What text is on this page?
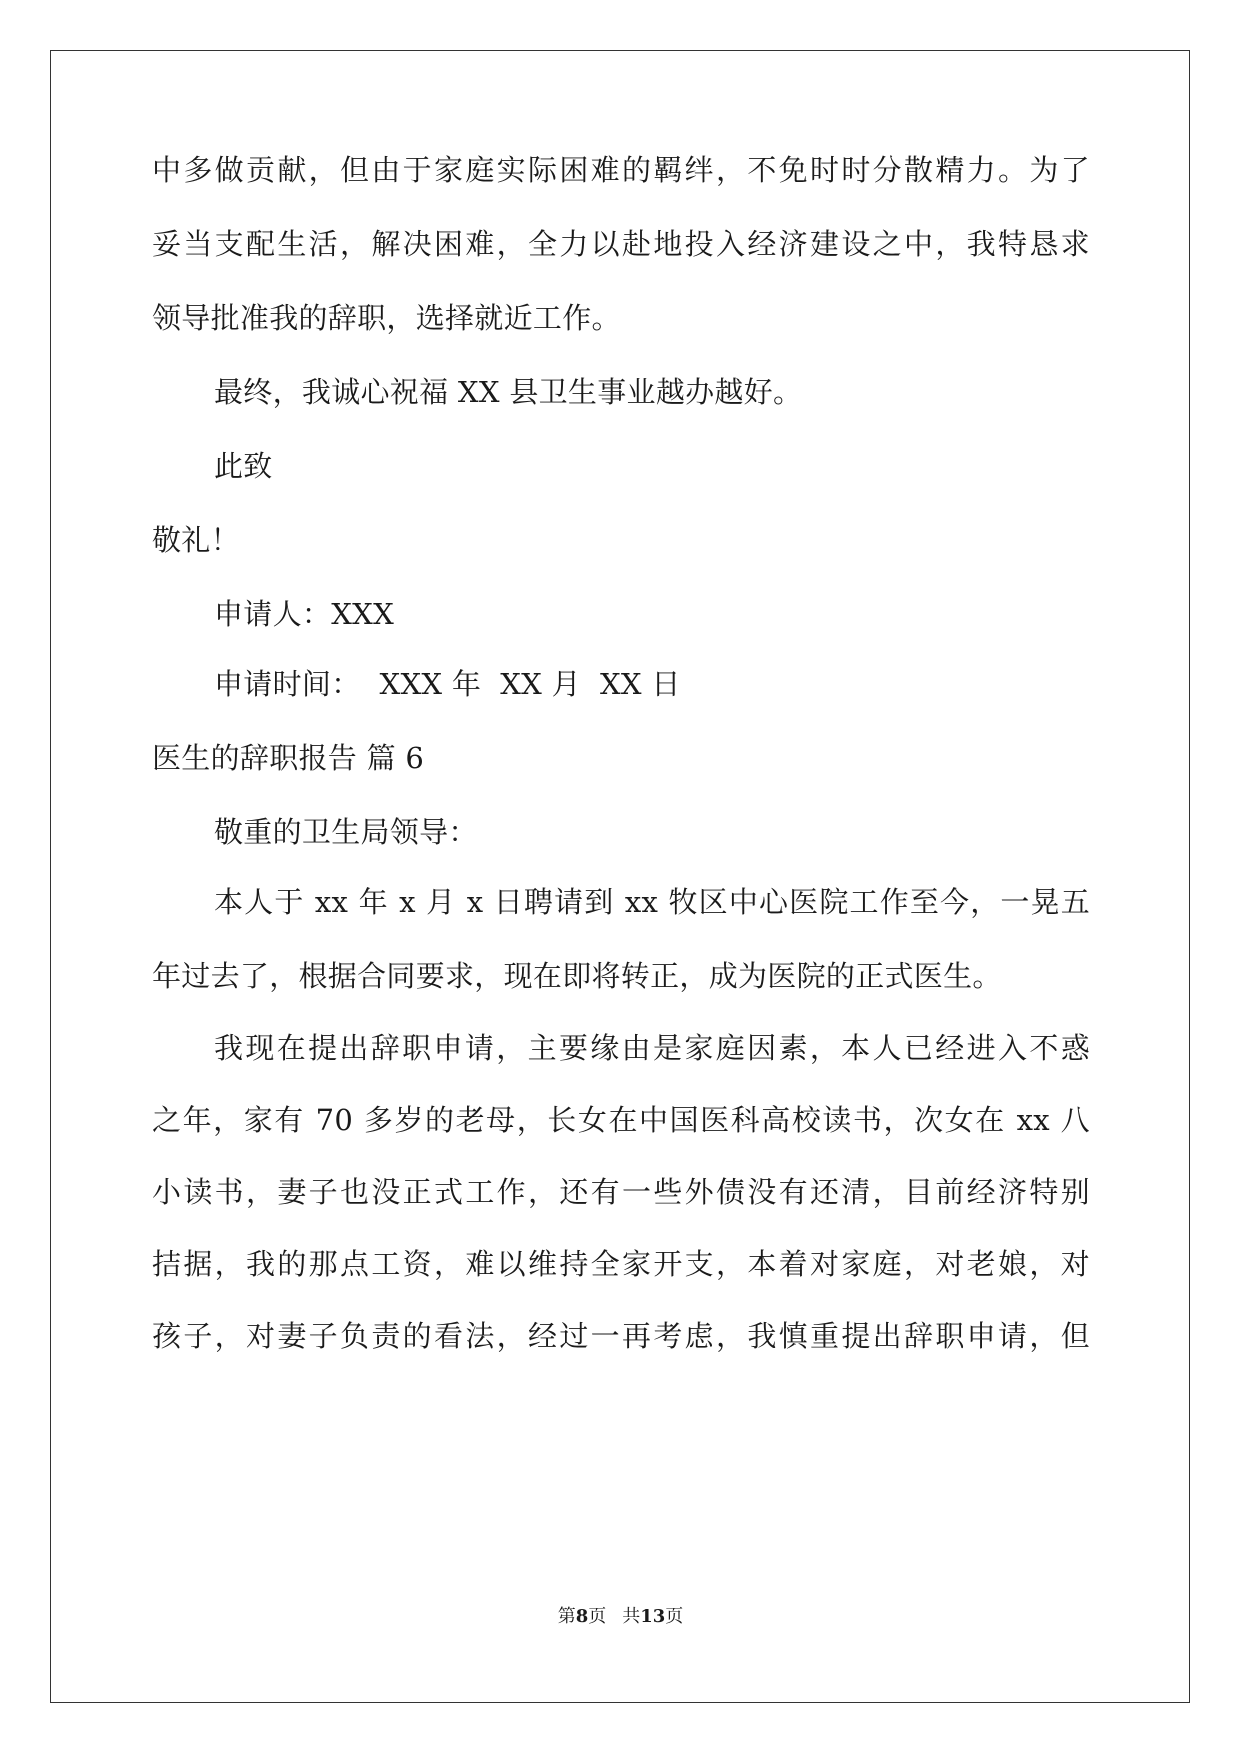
中多做贡献，但由于家庭实际困难的羁绊，不免时时分散精力。为了
妥当支配生活，解决困难，全力以赴地投入经济建设之中，我特恳求
领导批准我的辞职，选择就近工作。
最终，我诚心祝福 XX 县卫生事业越办越好。
此致
敬礼！
申请人：XXX
申请时间：  XXX 年  XX 月  XX 日
医生的辞职报告 篇 6
敬重的卫生局领导：
本人于 xx 年 x 月 x 日聘请到 xx 牧区中心医院工作至今，一晃五
年过去了，根据合同要求，现在即将转正，成为医院的正式医生。
我现在提出辞职申请，主要缘由是家庭因素，本人已经进入不惑
之年，家有 70 多岁的老母，长女在中国医科高校读书，次女在 xx 八
小读书，妻子也没正式工作，还有一些外债没有还清，目前经济特别
拮据，我的那点工资，难以维持全家开支，本着对家庭，对老娘，对
孩子，对妻子负责的看法，经过一再考虑，我慎重提出辞职申请，但
第8页 共13页
